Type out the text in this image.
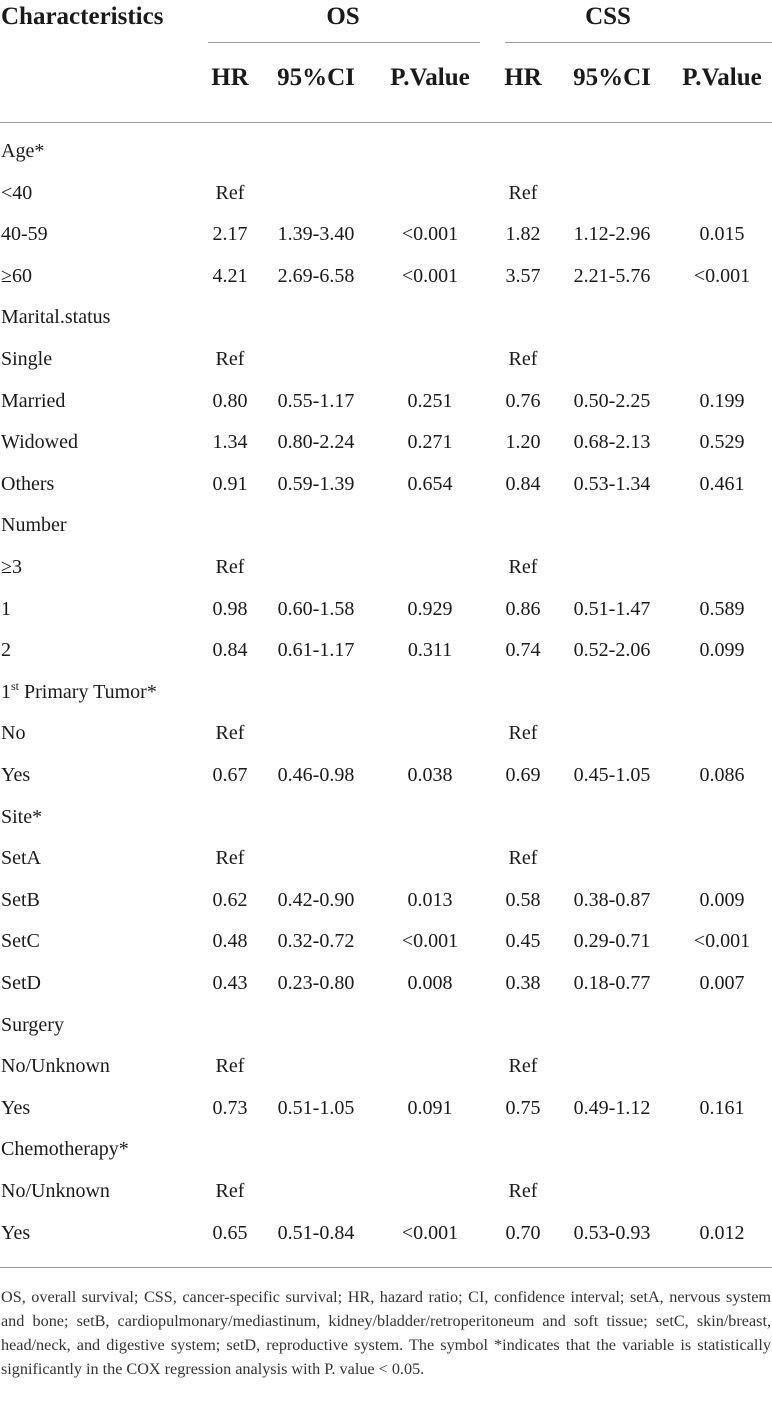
Characteristics	OS	CSS
HR 95%CI P.Value HR 95%CI P.Value
Age*
<40	Ref	Ref
40-59	2.17 1.39-3.40 <0.001 1.82 1.12-2.96 0.015
≥60	4.21 2.69-6.58 <0.001 3.57 2.21-5.76 <0.001
Marital.status
Single	Ref	Ref
Married	0.80 0.55-1.17	0.251	0.76 0.50-2.25 0.199
Widowed	1.34 0.80-2.24	0.271	1.20 0.68-2.13 0.529
Others	0.91 0.59-1.39	0.654	0.84 0.53-1.34 0.461
Number
≥3	Ref	Ref
1	0.98 0.60-1.58	0.929	0.86 0.51-1.47 0.589
2	0.84 0.61-1.17	0.311	0.74 0.52-2.06 0.099
1st Primary Tumor*
No	Ref	Ref
Yes	0.67 0.46-0.98	0.038	0.69 0.45-1.05 0.086
Site*
SetA	Ref	Ref
SetB	0.62 0.42-0.90	0.013	0.58 0.38-0.87 0.009
SetC	0.48 0.32-0.72 <0.001 0.45 0.29-0.71 <0.001
SetD	0.43 0.23-0.80	0.008	0.38 0.18-0.77 0.007
Surgery
No/Unknown	Ref	Ref
Yes	0.73 0.51-1.05	0.091	0.75 0.49-1.12 0.161
Chemotherapy*
No/Unknown	Ref	Ref
Yes	0.65 0.51-0.84 <0.001 0.70 0.53-0.93 0.012
OS, overall survival; CSS, cancer-specific survival; HR, hazard ratio; CI, confidence interval; setA, nervous system and bone; setB, cardiopulmonary/mediastinum, kidney/bladder/retroperitoneum and soft tissue; setC, skin/breast, head/neck, and digestive system; setD, reproductive system. The symbol *indicates that the variable is statistically significantly in the COX regression analysis with P. value < 0.05.
